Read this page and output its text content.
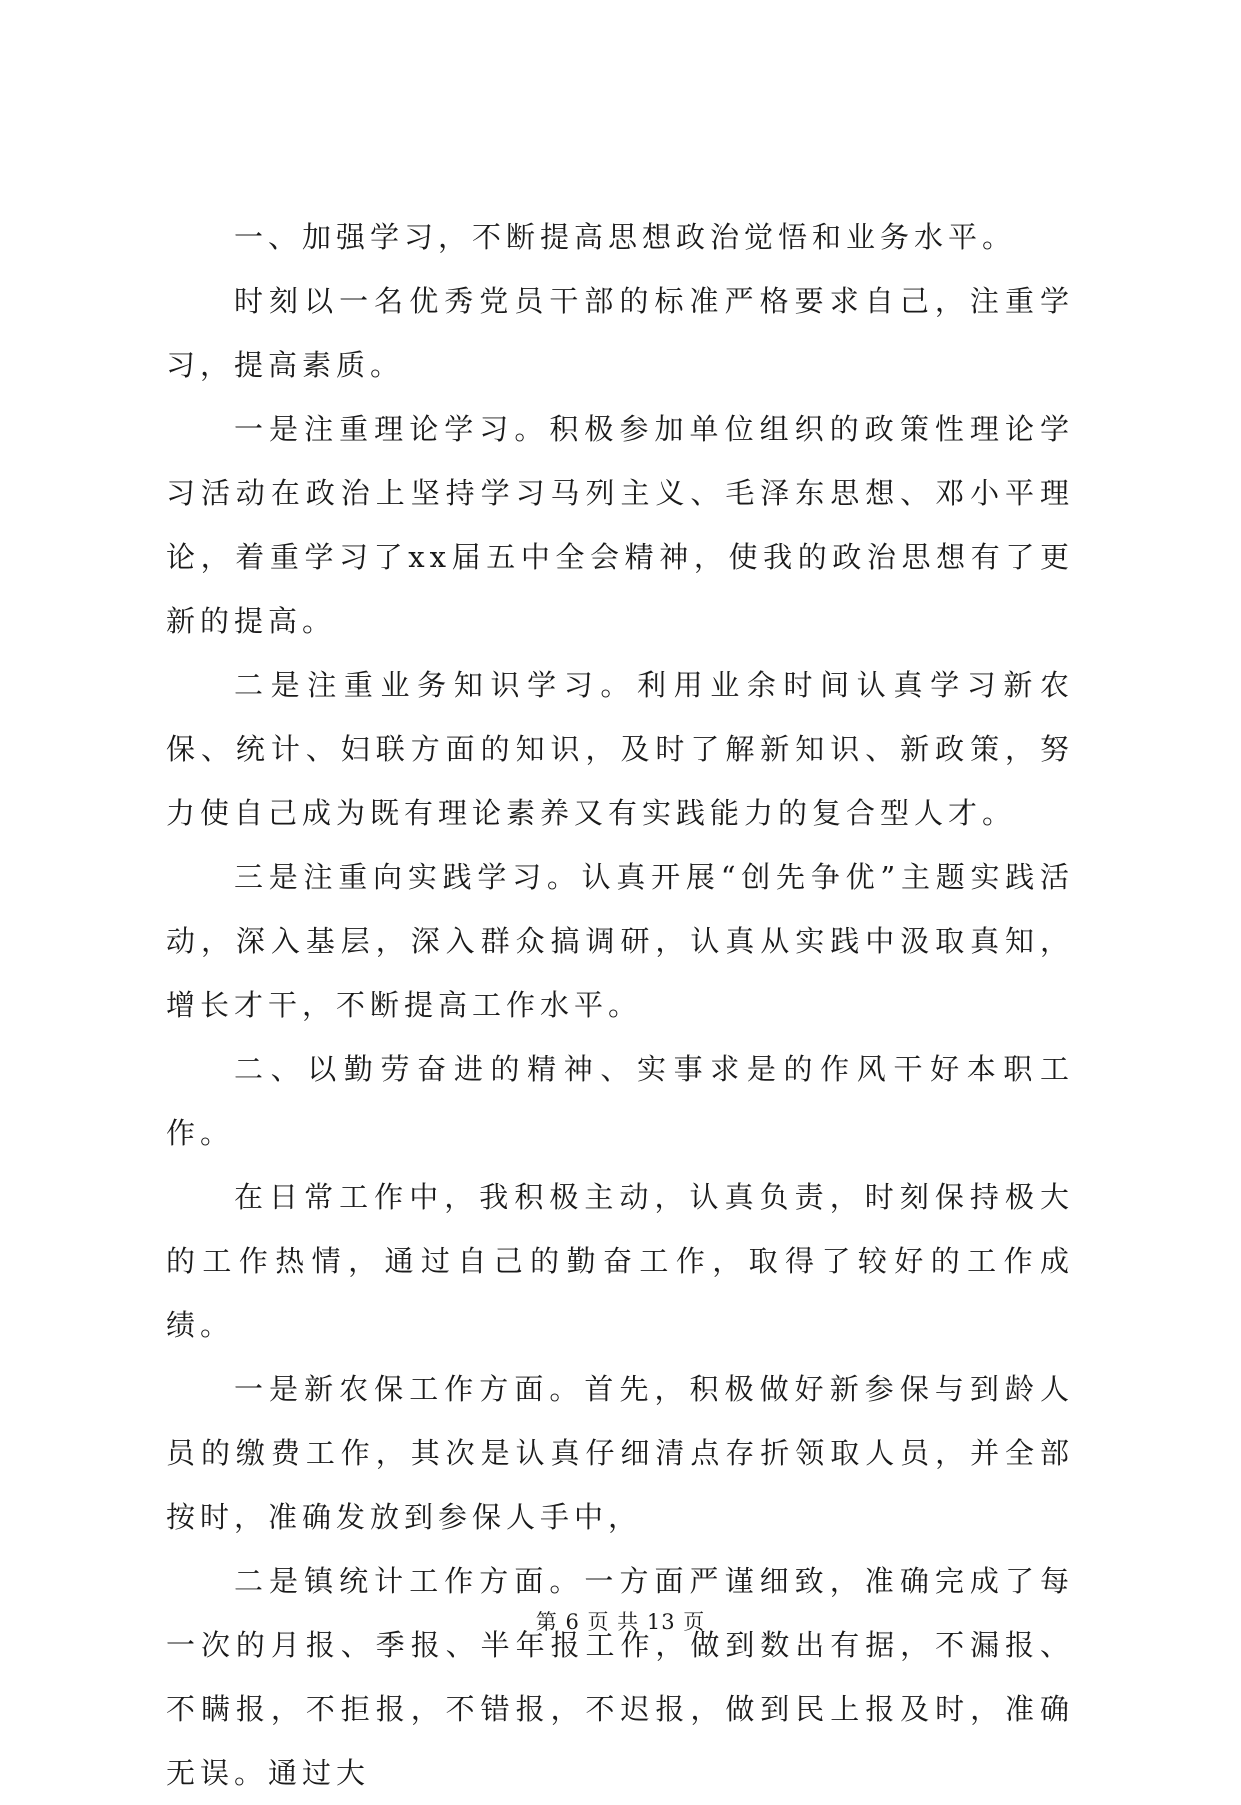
一、加强学习，不断提高思想政治觉悟和业务水平。

时刻以一名优秀党员干部的标准严格要求自己，注重学习，提高素质。

一是注重理论学习。积极参加单位组织的政策性理论学习活动在政治上坚持学习马列主义、毛泽东思想、邓小平理论，着重学习了xx届五中全会精神，使我的政治思想有了更新的提高。

二是注重业务知识学习。利用业余时间认真学习新农保、统计、妇联方面的知识，及时了解新知识、新政策，努力使自己成为既有理论素养又有实践能力的复合型人才。

三是注重向实践学习。认真开展“创先争优”主题实践活动，深入基层，深入群众搞调研，认真从实践中汲取真知，增长才干，不断提高工作水平。

二、以勤劳奋进的精神、实事求是的作风干好本职工作。

在日常工作中，我积极主动，认真负责，时刻保持极大的工作热情，通过自己的勤奋工作，取得了较好的工作成绩。

一是新农保工作方面。首先，积极做好新参保与到龄人员的缴费工作，其次是认真仔细清点存折领取人员，并全部按时，准确发放到参保人手中，

二是镇统计工作方面。一方面严谨细致，准确完成了每一次的月报、季报、半年报工作，做到数出有据，不漏报、不瞒报，不拒报，不错报，不迟报，做到民上报及时，准确无误。通过大

第 6 页 共 13 页
